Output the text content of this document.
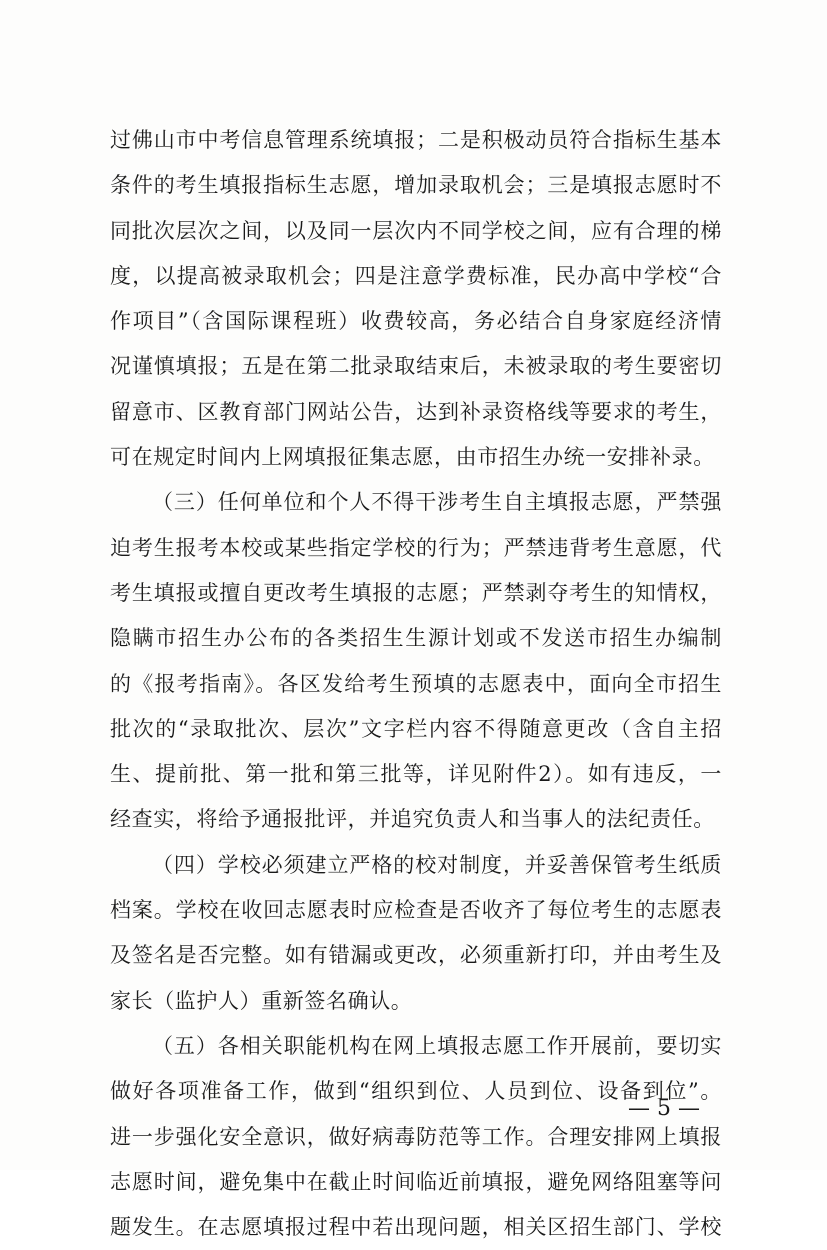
过佛山市中考信息管理系统填报；二是积极动员符合指标生基本
条件的考生填报指标生志愿，增加录取机会；三是填报志愿时不
同批次层次之间，以及同一层次内不同学校之间，应有合理的梯
度，以提高被录取机会；四是注意学费标准，民办高中学校“合
作项目”（含国际课程班）收费较高，务必结合自身家庭经济情
况谨慎填报；五是在第二批录取结束后，未被录取的考生要密切
留意市、区教育部门网站公告，达到补录资格线等要求的考生，
可在规定时间内上网填报征集志愿，由市招生办统一安排补录。
（三）任何单位和个人不得干涉考生自主填报志愿，严禁强
迫考生报考本校或某些指定学校的行为；严禁违背考生意愿，代
考生填报或擅自更改考生填报的志愿；严禁剥夺考生的知情权，
隐瞒市招生办公布的各类招生生源计划或不发送市招生办编制
的《报考指南》。各区发给考生预填的志愿表中，面向全市招生
批次的“录取批次、层次”文字栏内容不得随意更改（含自主招
生、提前批、第一批和第三批等，详见附件2）。如有违反，一
经查实，将给予通报批评，并追究负责人和当事人的法纪责任。
（四）学校必须建立严格的校对制度，并妥善保管考生纸质
档案。学校在收回志愿表时应检查是否收齐了每位考生的志愿表
及签名是否完整。如有错漏或更改，必须重新打印，并由考生及
家长（监护人）重新签名确认。
（五）各相关职能机构在网上填报志愿工作开展前，要切实
做好各项准备工作，做到“组织到位、人员到位、设备到位”。
进一步强化安全意识，做好病毒防范等工作。合理安排网上填报
志愿时间，避免集中在截止时间临近前填报，避免网络阻塞等问
题发生。在志愿填报过程中若出现问题，相关区招生部门、学校
— 5 —
